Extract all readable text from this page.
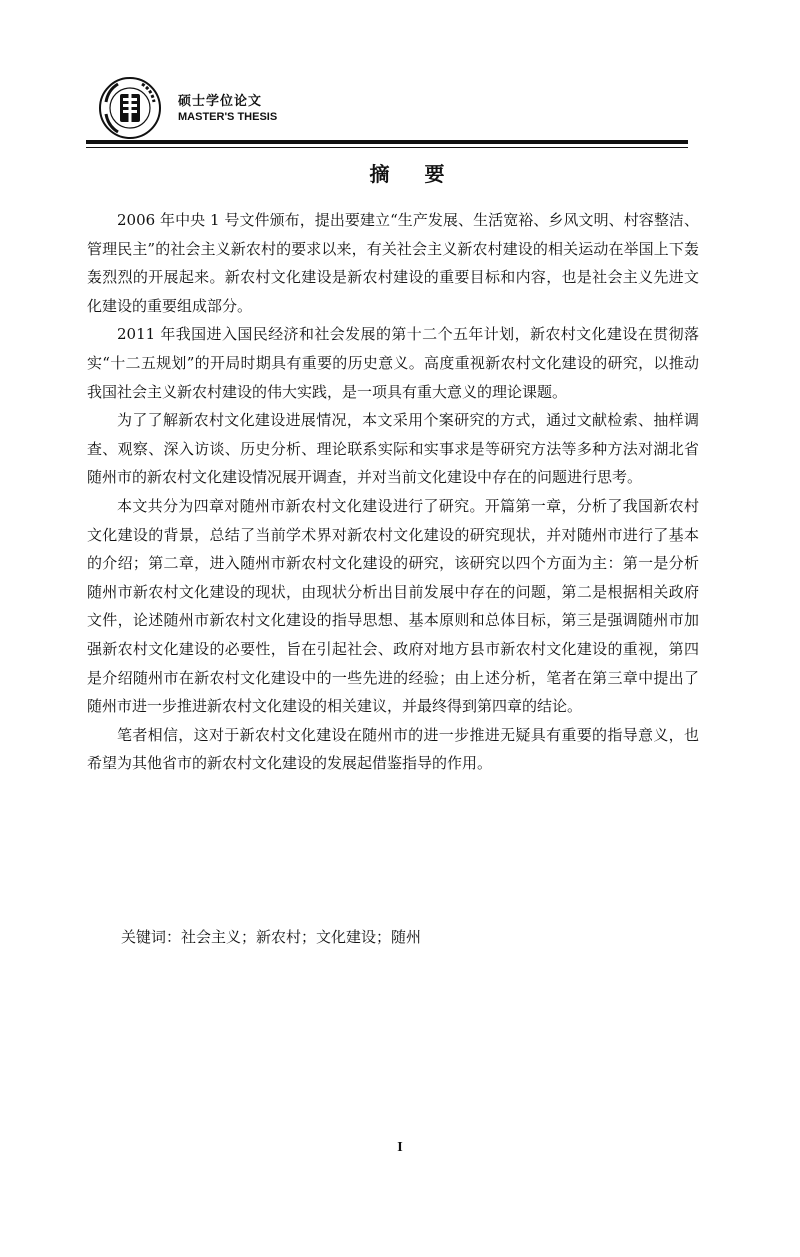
硕士学位论文
MASTER'S THESIS
摘 要

2006 年中央 1 号文件颁布，提出要建立“生产发展、生活宽裕、乡风文明、村容整洁、管理民主”的社会主义新农村的要求以来，有关社会主义新农村建设的相关运动在举国上下轰轰烈烈的开展起来。新农村文化建设是新农村建设的重要目标和内容，也是社会主义先进文化建设的重要组成部分。

2011 年我国进入国民经济和社会发展的第十二个五年计划，新农村文化建设在贯彻落实“十二五规划”的开局时期具有重要的历史意义。高度重视新农村文化建设的研究，以推动我国社会主义新农村建设的伟大实践，是一项具有重大意义的理论课题。

为了了解新农村文化建设进展情况，本文采用个案研究的方式，通过文献检索、抽样调查、观察、深入访谈、历史分析、理论联系实际和实事求是等研究方法等多种方法对湖北省随州市的新农村文化建设情况展开调查，并对当前文化建设中存在的问题进行思考。

本文共分为四章对随州市新农村文化建设进行了研究。开篇第一章，分析了我国新农村文化建设的背景，总结了当前学术界对新农村文化建设的研究现状，并对随州市进行了基本的介绍；第二章，进入随州市新农村文化建设的研究，该研究以四个方面为主：第一是分析随州市新农村文化建设的现状，由现状分析出目前发展中存在的问题，第二是根据相关政府文件，论述随州市新农村文化建设的指导思想、基本原则和总体目标，第三是强调随州市加强新农村文化建设的必要性，旨在引起社会、政府对地方县市新农村文化建设的重视，第四是介绍随州市在新农村文化建设中的一些先进的经验；由上述分析，笔者在第三章中提出了随州市进一步推进新农村文化建设的相关建议，并最终得到第四章的结论。

笔者相信，这对于新农村文化建设在随州市的进一步推进无疑具有重要的指导意义，也希望为其他省市的新农村文化建设的发展起借鉴指导的作用。

关键词：社会主义；新农村；文化建设；随州
I
